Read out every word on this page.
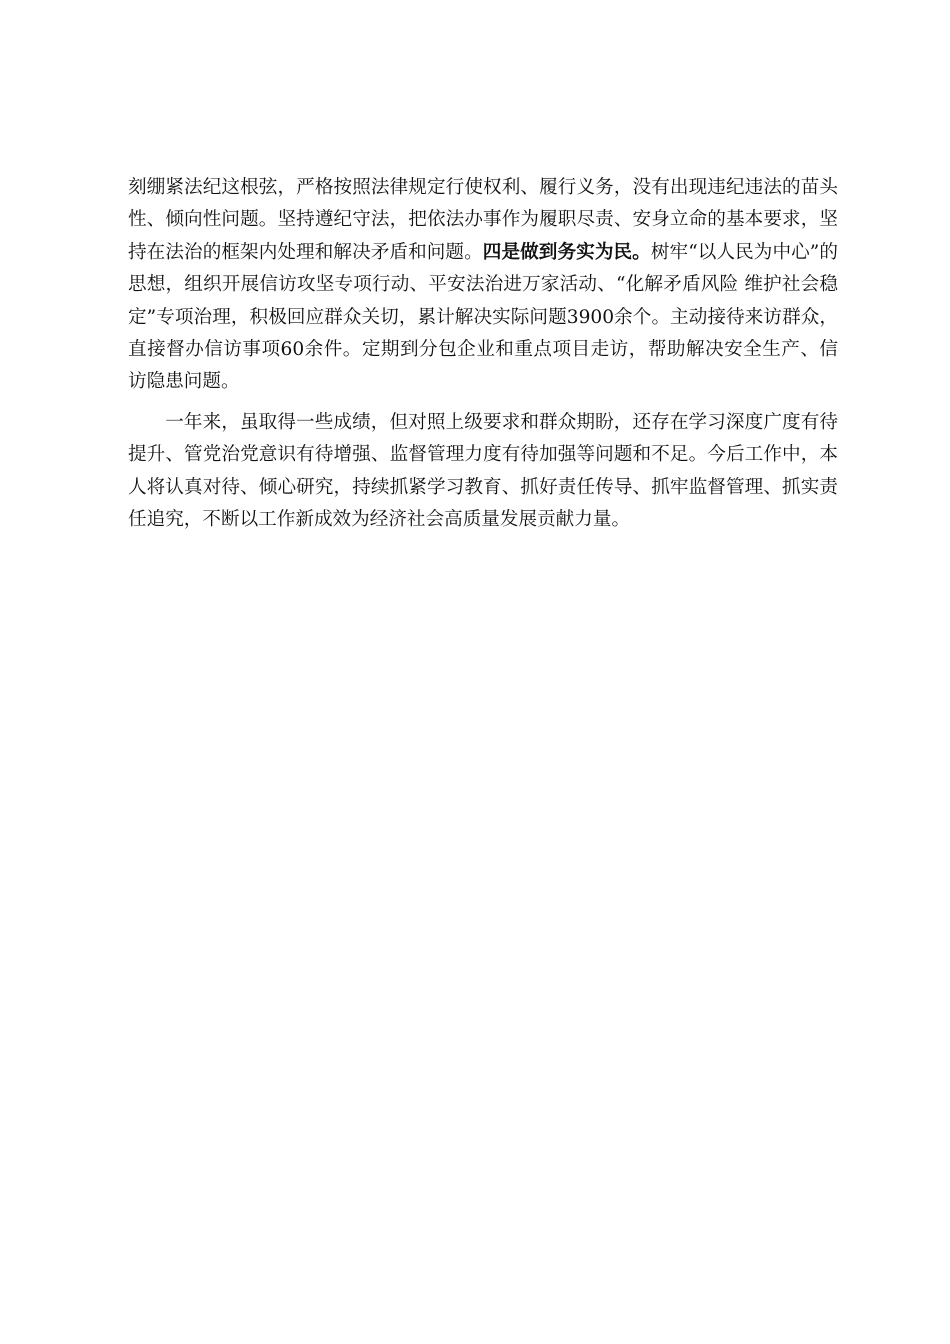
刻绷紧法纪这根弦，严格按照法律规定行使权利、履行义务，没有出现违纪违法的苗头性、倾向性问题。坚持遵纪守法，把依法办事作为履职尽责、安身立命的基本要求，坚持在法治的框架内处理和解决矛盾和问题。四是做到务实为民。树牢“以人民为中心”的思想，组织开展信访攻坚专项行动、平安法治进万家活动、“化解矛盾风险 维护社会稳定”专项治理，积极回应群众关切，累计解决实际问题3900余个。主动接待来访群众，直接督办信访事项60余件。定期到分包企业和重点项目走访，帮助解决安全生产、信访隐患问题。

一年来，虽取得一些成绩，但对照上级要求和群众期盼，还存在学习深度广度有待提升、管党治党意识有待增强、监督管理力度有待加强等问题和不足。今后工作中，本人将认真对待、倾心研究，持续抓紧学习教育、抓好责任传导、抓牢监督管理、抓实责任追究，不断以工作新成效为经济社会高质量发展贡献力量。
